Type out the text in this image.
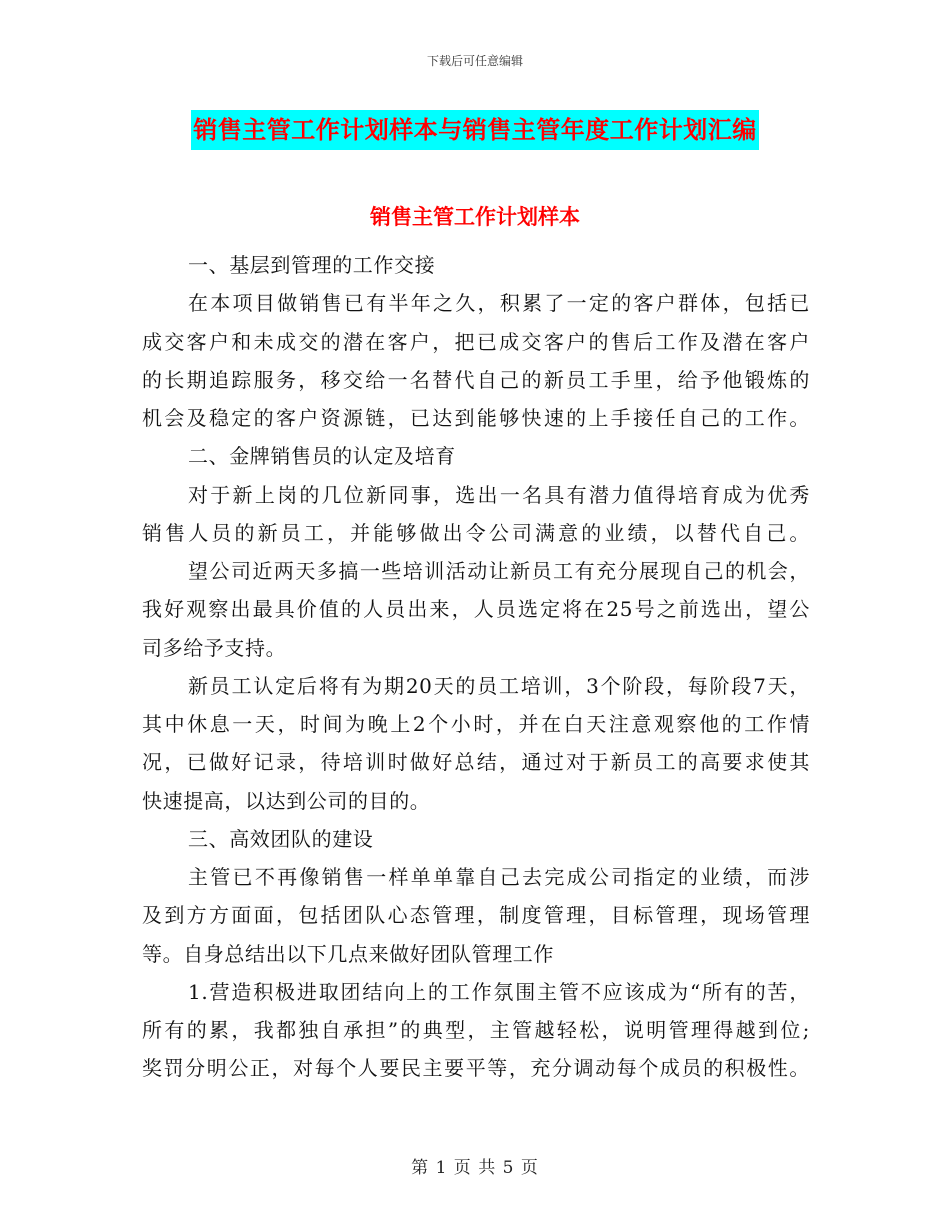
下载后可任意编辑
销售主管工作计划样本与销售主管年度工作计划汇编
销售主管工作计划样本
一、基层到管理的工作交接
在本项目做销售已有半年之久，积累了一定的客户群体，包括已
成交客户和未成交的潜在客户，把已成交客户的售后工作及潜在客户
的长期追踪服务，移交给一名替代自己的新员工手里，给予他锻炼的
机会及稳定的客户资源链，已达到能够快速的上手接任自己的工作。
二、金牌销售员的认定及培育
对于新上岗的几位新同事，选出一名具有潜力值得培育成为优秀
销售人员的新员工，并能够做出令公司满意的业绩，以替代自己。
望公司近两天多搞一些培训活动让新员工有充分展现自己的机会，
我好观察出最具价值的人员出来，人员选定将在25号之前选出，望公
司多给予支持。
新员工认定后将有为期20天的员工培训，3个阶段，每阶段7天，
其中休息一天，时间为晚上2个小时，并在白天注意观察他的工作情
况，已做好记录，待培训时做好总结，通过对于新员工的高要求使其
快速提高，以达到公司的目的。
三、高效团队的建设
主管已不再像销售一样单单靠自己去完成公司指定的业绩，而涉
及到方方面面，包括团队心态管理，制度管理，目标管理，现场管理
等。自身总结出以下几点来做好团队管理工作
1.营造积极进取团结向上的工作氛围主管不应该成为“所有的苦，
所有的累，我都独自承担”的典型，主管越轻松，说明管理得越到位;
奖罚分明公正，对每个人要民主要平等，充分调动每个成员的积极性。
第 1 页 共 5 页
